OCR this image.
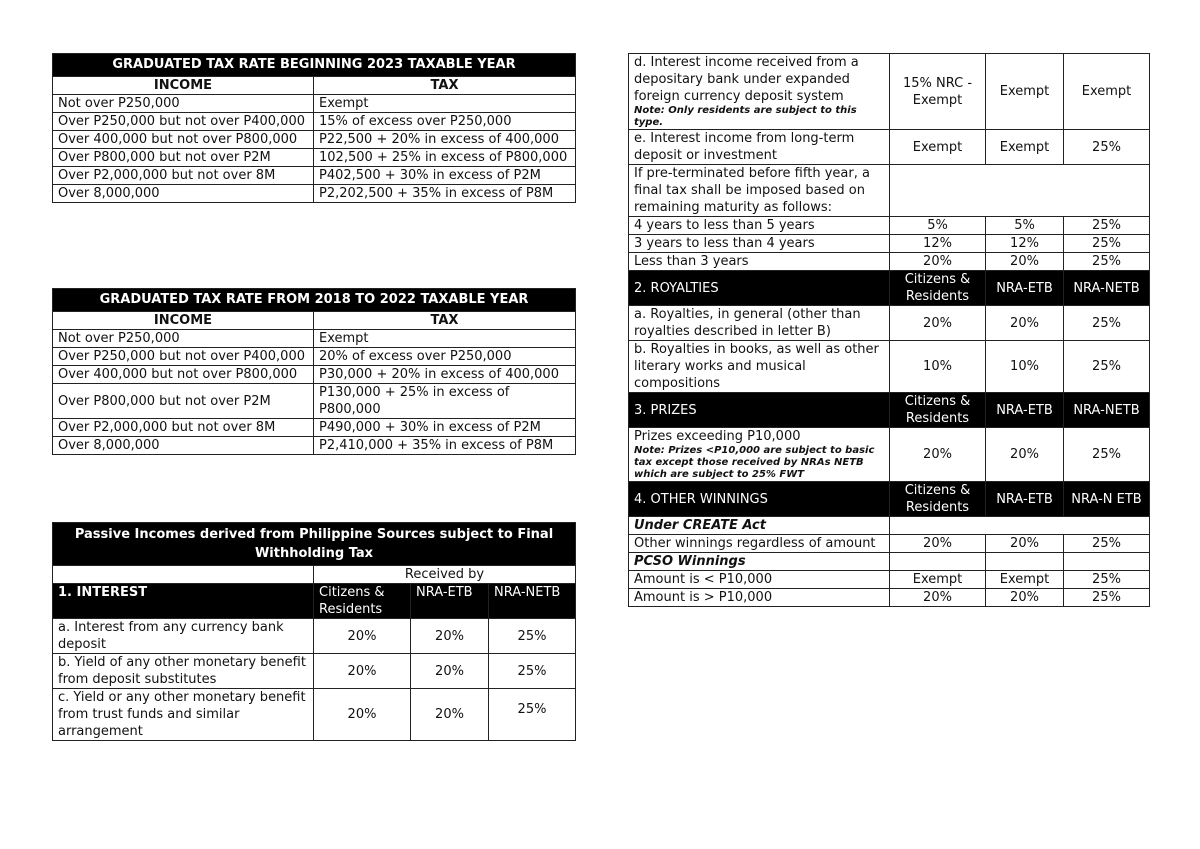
GRADUATED TAX RATE BEGINNING 2023 TAXABLE YEAR	
INCOME	TAX
Not over P250,000	Exempt
Over P250,000 but not over P400,000	15% of excess over P250,000
Over 400,000 but not over P800,000	P22,500 + 20% in excess of 400,000
Over P800,000 but not over P2M	102,500 + 25% in excess of P800,000
Over P2,000,000 but not over 8M	P402,500 + 30% in excess of P2M
Over 8,000,000	P2,202,500 + 35% in excess of P8M
GRADUATED TAX RATE FROM 2018 TO 2022 TAXABLE YEAR	
INCOME	TAX
Not over P250,000	Exempt
Over P250,000 but not over P400,000	20% of excess over P250,000
Over 400,000 but not over P800,000	P30,000 + 20% in excess of 400,000
Over P800,000 but not over P2M	P130,000 + 25% in excess of P800,000
Over P2,000,000 but not over 8M	P490,000 + 30% in excess of P2M
Over 8,000,000	P2,410,000 + 35% in excess of P8M
Passive Incomes derived from Philippine Sources subject to Final Withholding Tax			
	Received by		
1. INTEREST	Citizens & Residents	NRA-ETB	NRA-NETB
a. Interest from any currency bank deposit	20%	20%	25%
b. Yield of any other monetary benefit from deposit substitutes	20%	20%	25%
c. Yield or any other monetary benefit from trust funds and similar arrangement	20%	20%	25%
d. Interest income received from a depositary bank under expanded foreign currency deposit system
Note: Only residents are subject to this type.	15% NRC - Exempt	Exempt	Exempt
e. Interest income from long-term deposit or investment	Exempt	Exempt	25%
If pre-terminated before fifth year, a final tax shall be imposed based on remaining maturity as follows:			
4 years to less than 5 years	5%	5%	25%
3 years to less than 4 years	12%	12%	25%
Less than 3 years	20%	20%	25%
2. ROYALTIES	Citizens & Residents	NRA-ETB	NRA-NETB
a. Royalties, in general (other than royalties described in letter B)	20%	20%	25%
b. Royalties in books, as well as other literary works and musical compositions	10%	10%	25%
3. PRIZES	Citizens & Residents	NRA-ETB	NRA-NETB
Prizes exceeding P10,000
Note: Prizes <P10,000 are subject to basic tax except those received by NRAs NETB which are subject to 25% FWT	20%	20%	25%
4. OTHER WINNINGS	Citizens & Residents	NRA-ETB	NRA-N ETB
Under CREATE Act			
Other winnings regardless of amount	20%	20%	25%
PCSO Winnings			
Amount is < P10,000	Exempt	Exempt	25%
Amount is > P10,000	20%	20%	25%
